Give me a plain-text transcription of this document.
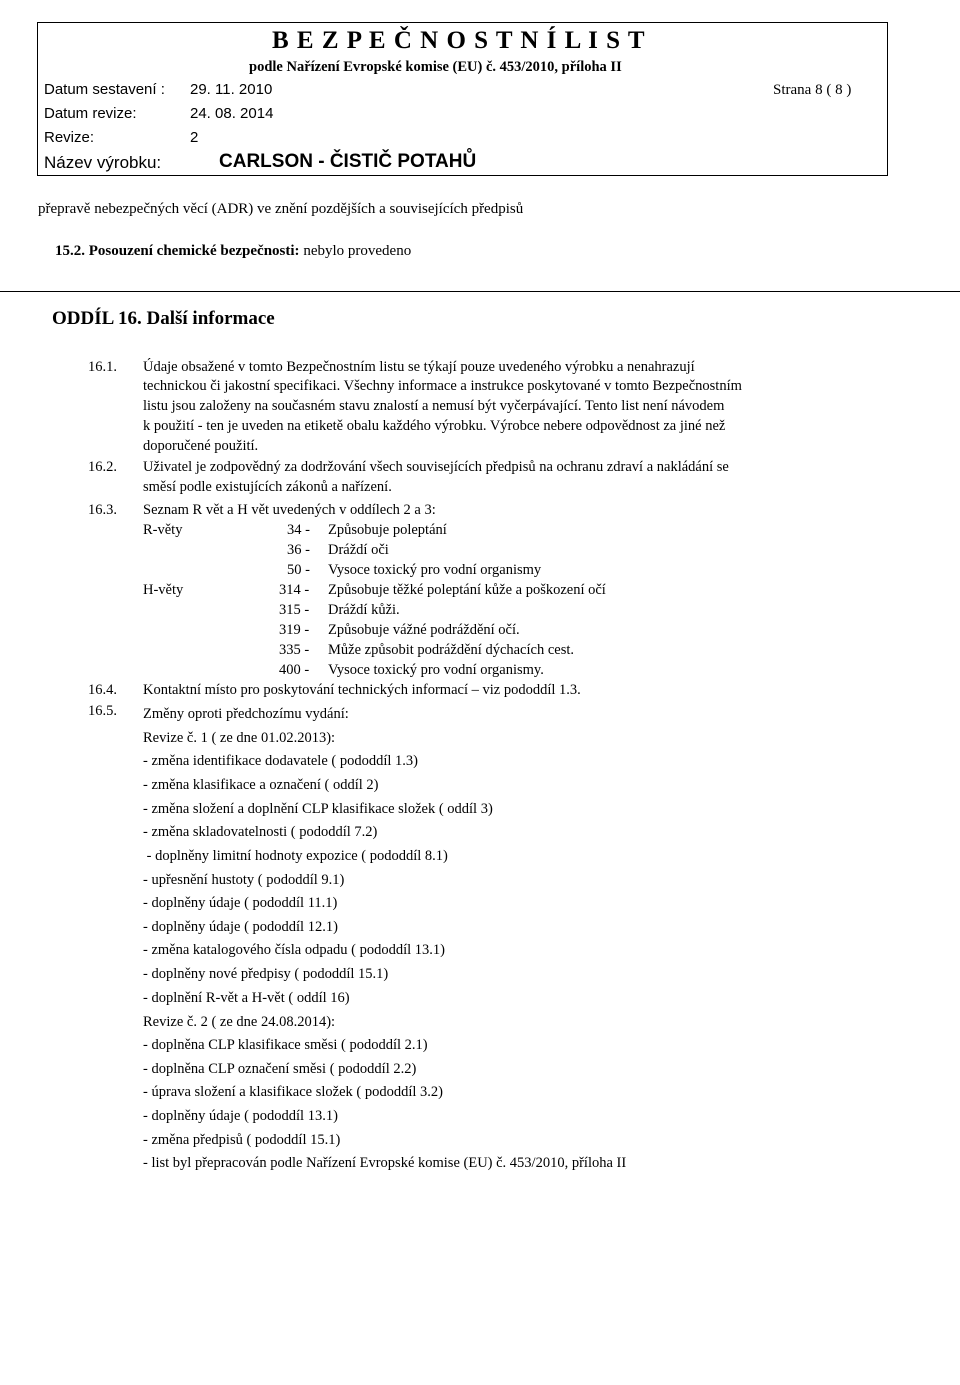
B E Z P E Č N O S T N Í L I S T
podle Nařízení Evropské komise (EU) č. 453/2010, příloha II
Datum sestavení : 29. 11. 2010	Strana 8 ( 8 )
Datum revize:	24. 08. 2014
Revize:	2
Název výrobku:	CARLSON - ČISTIČ POTAHŮ
přepravě nebezpečných věcí (ADR) ve znění pozdějších a souvisejících předpisů
15.2. Posouzení chemické bezpečnosti: nebylo provedeno
ODDÍL 16. Další informace
16.1. Údaje obsažené v tomto Bezpečnostním listu se týkají pouze uvedeného výrobku a nenahrazují
technickou či jakostní specifikaci. Všechny informace a instrukce poskytované v tomto Bezpečnostním
listu jsou založeny na současném stavu znalostí a nemusí být vyčerpávající. Tento list není návodem
k použití - ten je uveden na etiketě obalu každého výrobku. Výrobce nebere odpovědnost za jiné než
doporučené použití.
16.2. Uživatel je zodpovědný za dodržování všech souvisejících předpisů na ochranu zdraví a nakládání se
směsí podle existujících zákonů a nařízení.
16.3. Seznam R vět a H vět uvedených v oddílech 2 a 3:
R-věty	34 - Způsobuje poleptání
36 - Dráždí oči
50 - Vysoce toxický pro vodní organismy
H-věty	314 - Způsobuje těžké poleptání kůže a poškození očí
315 - Dráždí kůži.
319 - Způsobuje vážné podráždění očí.
335 - Může způsobit podráždění dýchacích cest.
400 - Vysoce toxický pro vodní organismy.
16.4. Kontaktní místo pro poskytování technických informací – viz pododdíl 1.3.
16.5. Změny oproti předchozímu vydání:
Revize č. 1 ( ze dne 01.02.2013):
- změna identifikace dodavatele ( pododdíl 1.3)
- změna klasifikace a označení ( oddíl 2)
- změna složení a doplnění CLP klasifikace složek ( oddíl 3)
- změna skladovatelnosti ( pododdíl 7.2)
- doplněny limitní hodnoty expozice ( pododdíl 8.1)
- upřesnění hustoty ( pododdíl 9.1)
- doplněny údaje ( pododdíl 11.1)
- doplněny údaje ( pododdíl 12.1)
- změna katalogového čísla odpadu ( pododdíl 13.1)
- doplněny nové předpisy ( pododdíl 15.1)
- doplnění R-vět a H-vět ( oddíl 16)
Revize č. 2 ( ze dne 24.08.2014):
- doplněna CLP klasifikace směsi ( pododdíl 2.1)
- doplněna CLP označení směsi ( pododdíl 2.2)
- úprava složení a klasifikace složek ( pododdíl 3.2)
- doplněny údaje ( pododdíl 13.1)
- změna předpisů ( pododdíl 15.1)
- list byl přepracován podle Nařízení Evropské komise (EU) č. 453/2010, příloha II
